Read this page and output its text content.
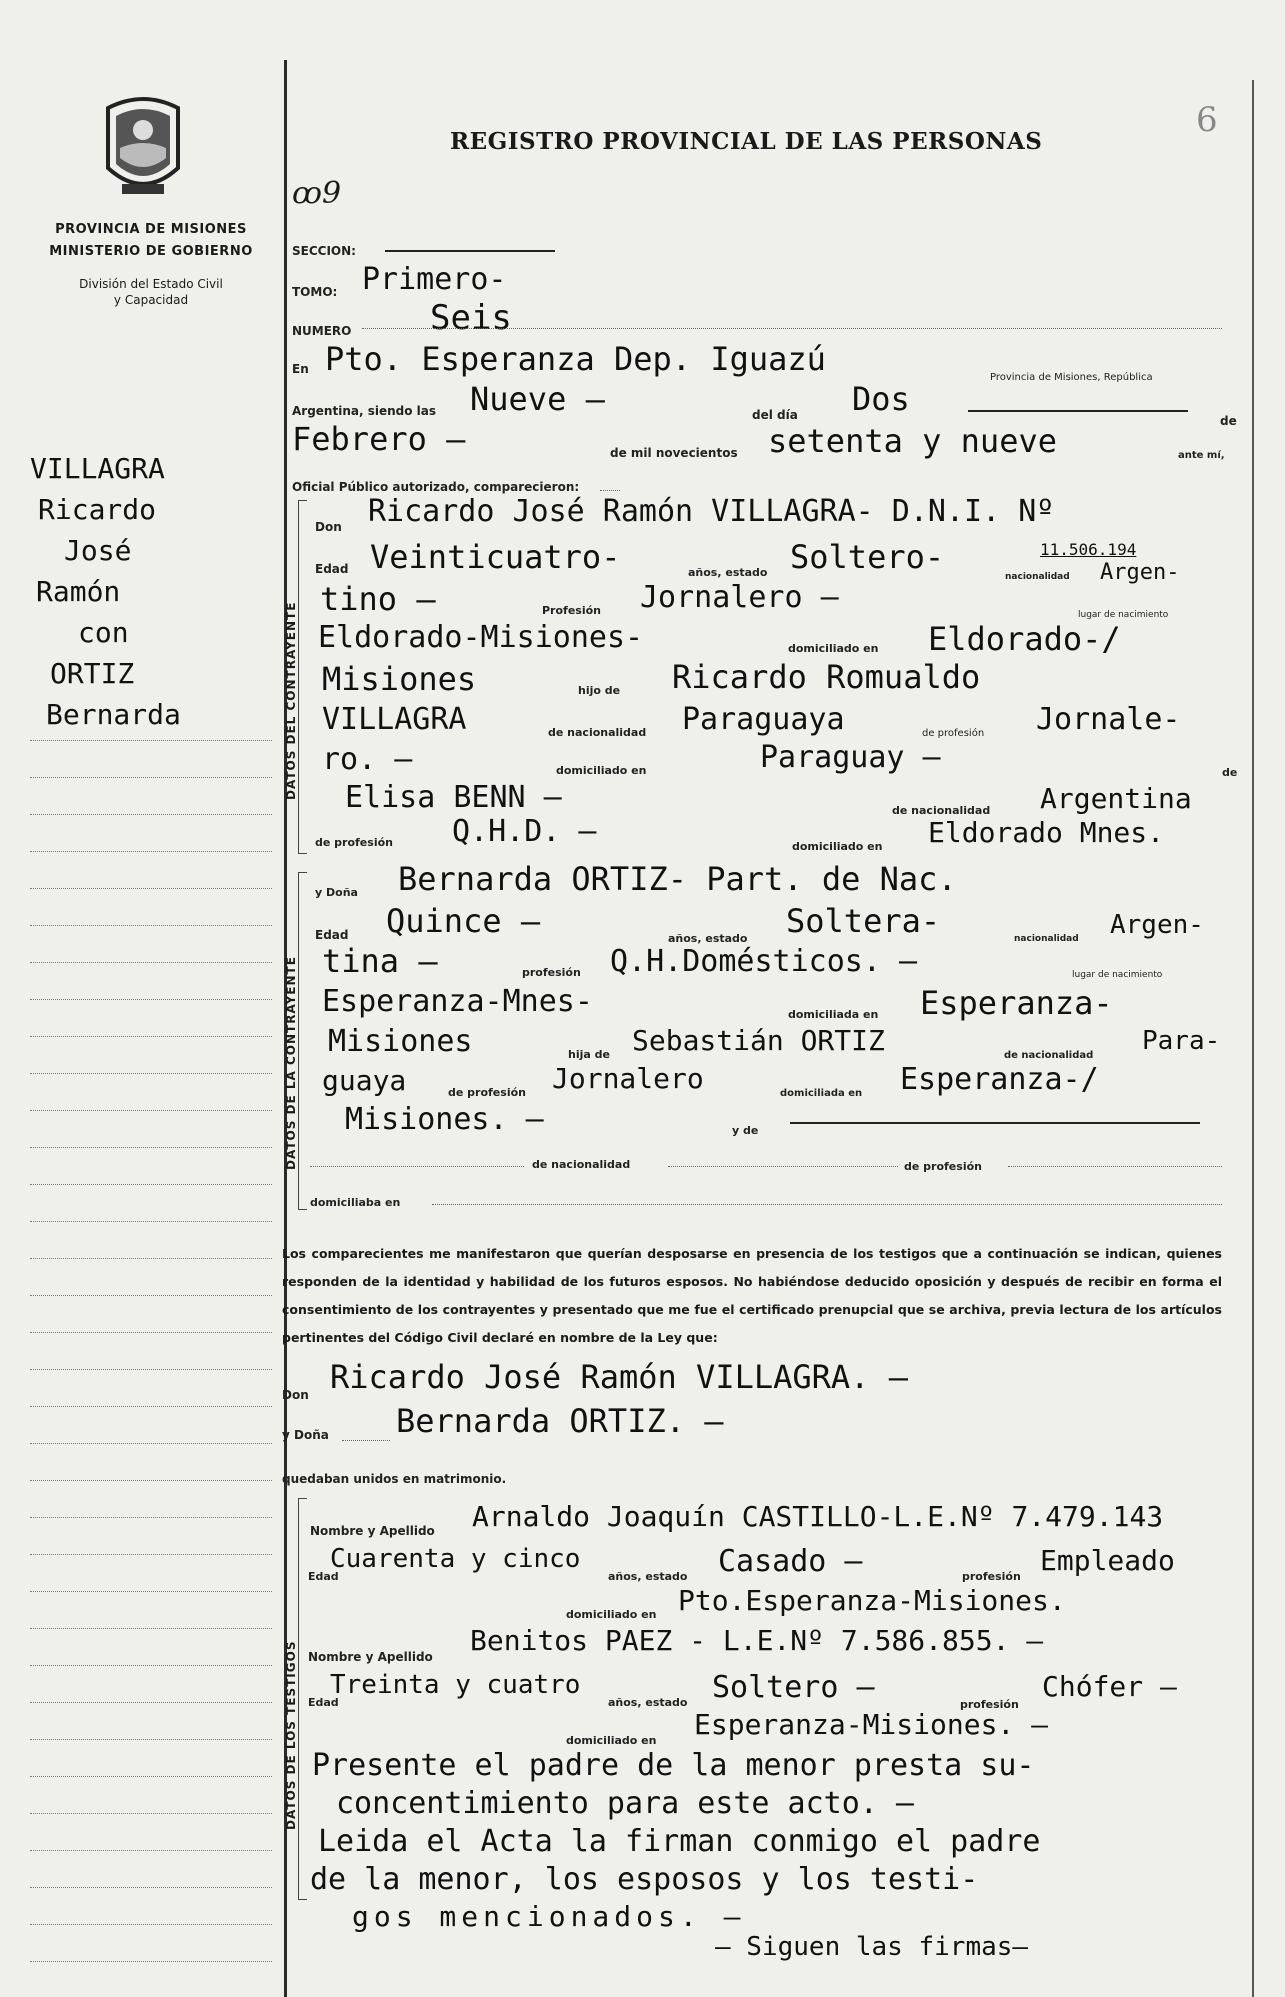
PROVINCIA DE MISIONES
MINISTERIO DE GOBIERNO
División del Estado Civil
y Capacidad
VILLAGRA
Ricardo
José
Ramón
con
ORTIZ
Bernarda
6
REGISTRO PROVINCIAL DE LAS PERSONAS
ꝏ9
SECCION:
TOMO: Primero-
NUMERO Seis
En Pto. Esperanza Dep. Iguazú	Provincia de Misiones, República
Argentina, siendo las Nueve —	del día Dos
de
Febrero —	de mil novecientos setenta y nueve	ante mí,
Oficial Público autorizado, comparecieron:
DATOS DEL CONTRAYENTE
Don Ricardo José Ramón VILLAGRA- D.N.I. Nº
Edad Veinticuatro-	años, estado Soltero-	11.506.194
nacionalidad Argen-
tino —	Profesión Jornalero —	lugar de nacimiento
Eldorado-Misiones-	domiciliado en Eldorado-/
Misiones	hijo de Ricardo Romualdo
VILLAGRA	de nacionalidad Paraguaya	de profesión Jornale-
ro. —	domiciliado en	Paraguay —	de
Elisa BENN —	de nacionalidad Argentina
de profesión Q.H.D. —	domiciliado en Eldorado Mnes.
DATOS DE LA CONTRAYENTE
y Doña Bernarda ORTIZ- Part. de Nac.
Edad Quince —	años, estado Soltera-	nacionalidad Argen-
tina —	profesión Q.H.Domésticos. —	lugar de nacimiento
Esperanza-Mnes-	domiciliada en Esperanza-
Misiones	hija de Sebastián ORTIZ	de nacionalidad Para-
guaya	de profesión Jornalero	domiciliada en Esperanza-/
Misiones. —	y de
de nacionalidad	de profesión
domiciliaba en
Los comparecientes me manifestaron que querían desposarse en presencia de los testigos que a continuación se indican, quienes responden de la identidad y habilidad de los futuros esposos. No habiéndose deducido oposición y después de recibir en forma el consentimiento de los contrayentes y presentado que me fue el certificado prenupcial que se archiva, previa lectura de los artículos pertinentes del Código Civil declaré en nombre de la Ley que:
Don Ricardo José Ramón VILLAGRA. —
y Doña Bernarda ORTIZ. —
quedaban unidos en matrimonio.
DATOS DE LOS TESTIGOS
Nombre y Apellido Arnaldo Joaquín CASTILLO-L.E.Nº 7.479.143
Edad
Cuarenta y cinco
años, estado Casado —	profesión Empleado
domiciliado en Pto.Esperanza-Misiones.
Nombre y Apellido Benitos PAEZ - L.E.Nº 7.586.855. —
Edad
Treinta y cuatro
años, estado Soltero —	profesión
Chófer —
domiciliado en Esperanza-Misiones. —
Presente el padre de la menor presta su-
concentimiento para este acto. —
Leida el Acta la firman conmigo el padre
de la menor, los esposos y los testi-
gos mencionados. —
— Siguen las firmas—
